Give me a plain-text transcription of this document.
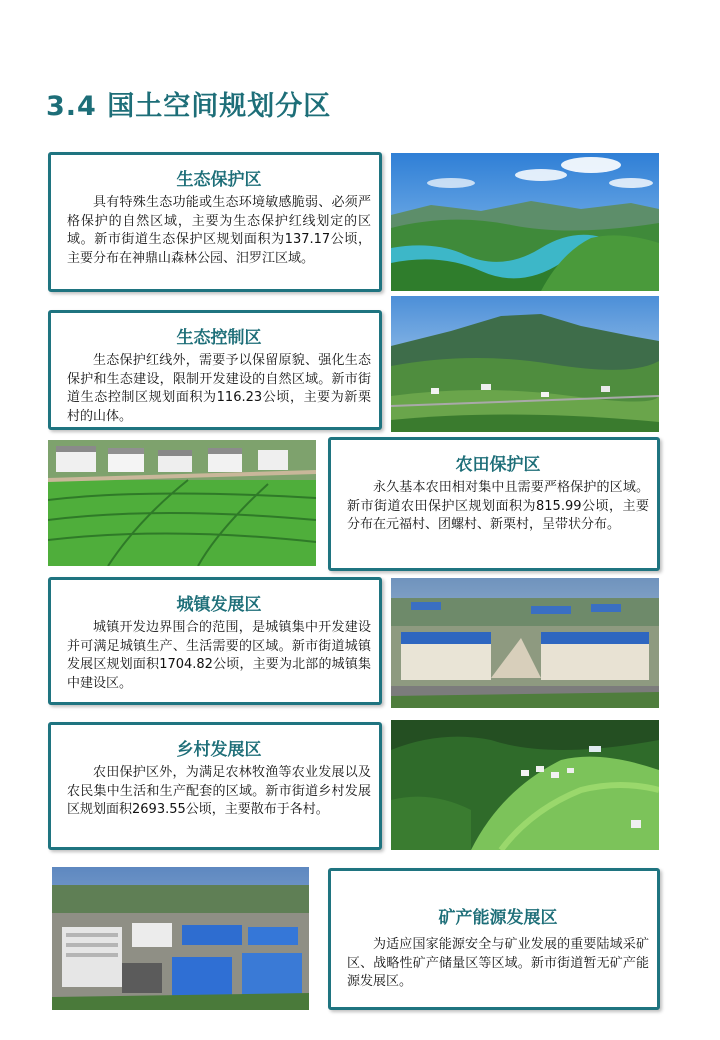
3.4 国土空间规划分区
生态保护区

具有特殊生态功能或生态环境敏感脆弱、必须严格保护的自然区域，主要为生态保护红线划定的区域。新市街道生态保护区规划面积为137.17公顷，主要分布在神鼎山森林公园、汨罗江区域。

生态控制区

生态保护红线外，需要予以保留原貌、强化生态保护和生态建设，限制开发建设的自然区域。新市街道生态控制区规划面积为116.23公顷，主要为新栗村的山体。

农田保护区

永久基本农田相对集中且需要严格保护的区域。新市街道农田保护区规划面积为815.99公顷，主要分布在元福村、团螺村、新栗村，呈带状分布。

城镇发展区

城镇开发边界围合的范围，是城镇集中开发建设并可满足城镇生产、生活需要的区域。新市街道城镇发展区规划面积1704.82公顷，主要为北部的城镇集中建设区。

乡村发展区

农田保护区外，为满足农林牧渔等农业发展以及农民集中生活和生产配套的区域。新市街道乡村发展区规划面积2693.55公顷，主要散布于各村。

矿产能源发展区

为适应国家能源安全与矿业发展的重要陆域采矿区、战略性矿产储量区等区域。新市街道暂无矿产能源发展区。
